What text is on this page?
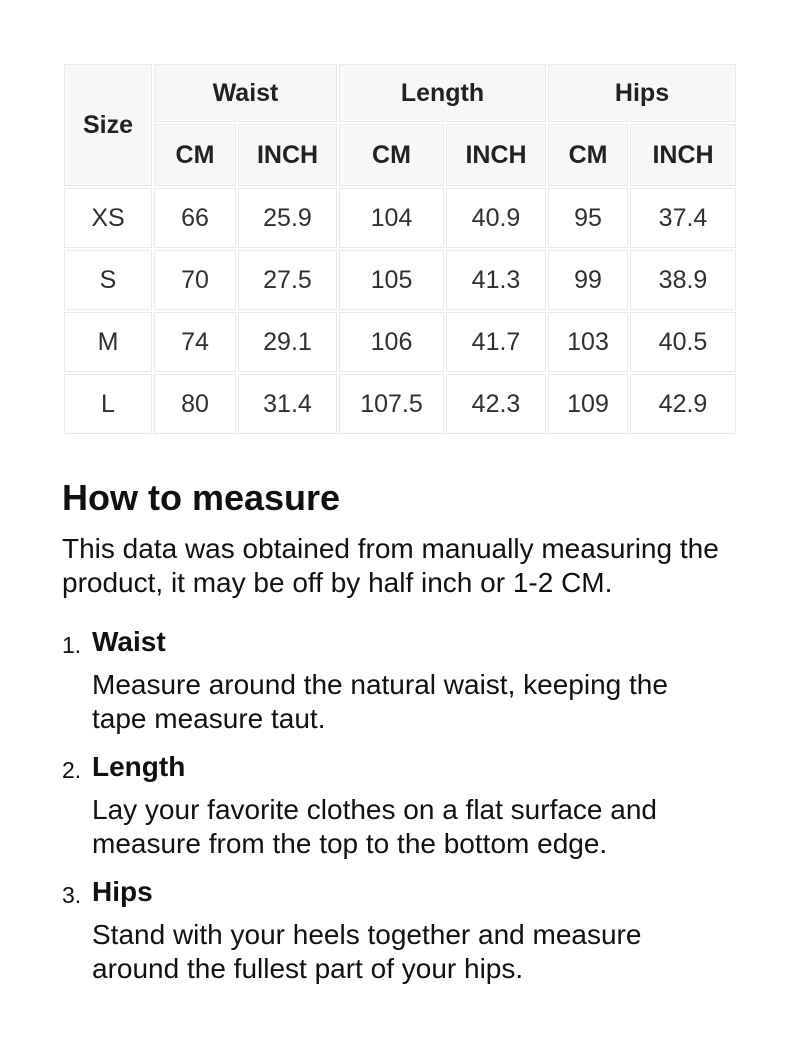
Size	Waist		Length		Hips	
	CM	INCH	CM	INCH	CM	INCH
XS	66	25.9	104	40.9	95	37.4
S	70	27.5	105	41.3	99	38.9
M	74	29.1	106	41.7	103	40.5
L	80	31.4	107.5	42.3	109	42.9
How to measure

This data was obtained from manually measuring the product, it may be off by half inch or 1-2 CM.

1. Waist

Measure around the natural waist, keeping the tape measure taut.

2. Length

Lay your favorite clothes on a flat surface and measure from the top to the bottom edge.

3. Hips

Stand with your heels together and measure around the fullest part of your hips.
